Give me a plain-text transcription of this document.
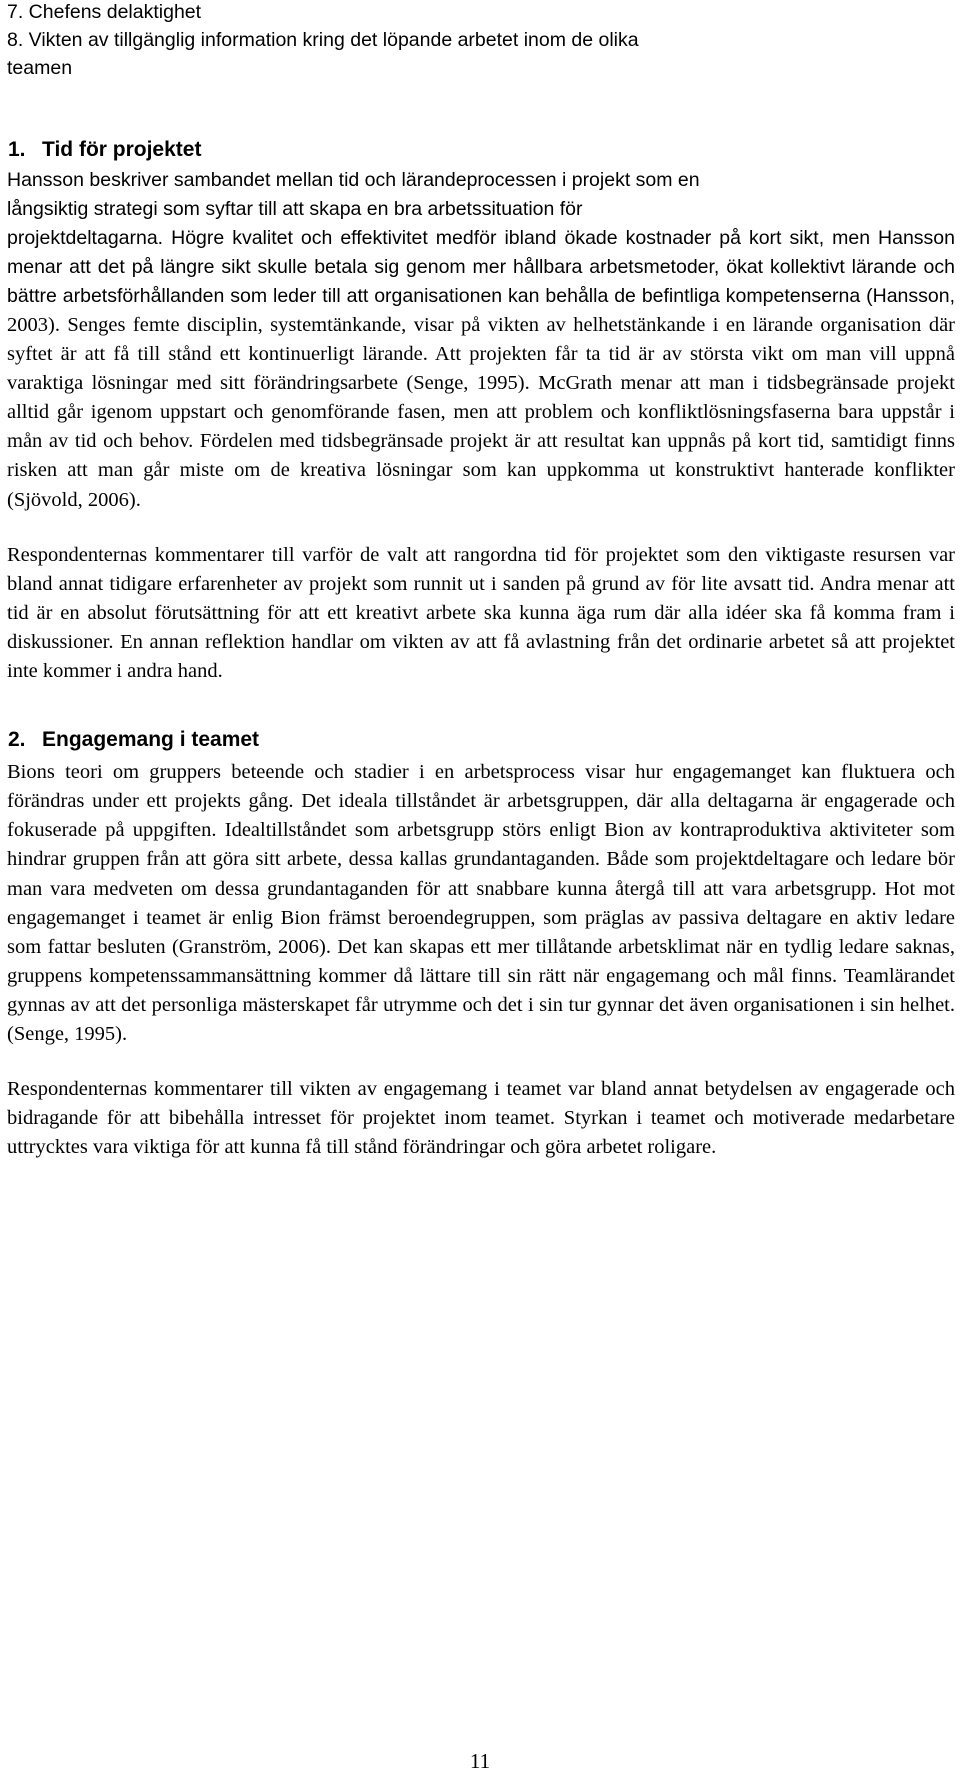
7. Chefens delaktighet

8. Vikten av tillgänglig information kring det löpande arbetet inom de olika

teamen

1. Tid för projektet

Hansson beskriver sambandet mellan tid och lärandeprocessen i projekt som en

långsiktig strategi som syftar till att skapa en bra arbetssituation för

projektdeltagarna. Högre kvalitet och effektivitet medför ibland ökade kostnader på kort sikt, men Hansson menar att det på längre sikt skulle betala sig genom mer hållbara arbetsmetoder, ökat kollektivt lärande och bättre arbetsförhållanden som leder till att organisationen kan behålla de befintliga kompetenserna (Hansson,

2003). Senges femte disciplin, systemtänkande, visar på vikten av helhetstänkande i en lärande organisation där syftet är att få till stånd ett kontinuerligt lärande. Att projekten får ta tid är av största vikt om man vill uppnå varaktiga lösningar med sitt förändringsarbete (Senge, 1995). McGrath menar att man i tidsbegränsade projekt alltid går igenom uppstart och genomförande fasen, men att problem och konfliktlösningsfaserna bara uppstår i mån av tid och behov. Fördelen med tidsbegränsade projekt är att resultat kan uppnås på kort tid, samtidigt finns risken att man går miste om de kreativa lösningar som kan uppkomma ut konstruktivt hanterade konflikter (Sjövold, 2006).

Respondenternas kommentarer till varför de valt att rangordna tid för projektet som den viktigaste resursen var bland annat tidigare erfarenheter av projekt som runnit ut i sanden på grund av för lite avsatt tid. Andra menar att tid är en absolut förutsättning för att ett kreativt arbete ska kunna äga rum där alla idéer ska få komma fram i diskussioner. En annan reflektion handlar om vikten av att få avlastning från det ordinarie arbetet så att projektet inte kommer i andra hand.

2. Engagemang i teamet

Bions teori om gruppers beteende och stadier i en arbetsprocess visar hur engagemanget kan fluktuera och förändras under ett projekts gång. Det ideala tillståndet är arbetsgruppen, där alla deltagarna är engagerade och fokuserade på uppgiften. Idealtillståndet som arbetsgrupp störs enligt Bion av kontraproduktiva aktiviteter som hindrar gruppen från att göra sitt arbete, dessa kallas grundantaganden. Både som projektdeltagare och ledare bör man vara medveten om dessa grundantaganden för att snabbare kunna återgå till att vara arbetsgrupp. Hot mot engagemanget i teamet är enlig Bion främst beroendegruppen, som präglas av passiva deltagare en aktiv ledare som fattar besluten (Granström, 2006). Det kan skapas ett mer tillåtande arbetsklimat när en tydlig ledare saknas, gruppens kompetenssammansättning kommer då lättare till sin rätt när engagemang och mål finns. Teamlärandet gynnas av att det personliga mästerskapet får utrymme och det i sin tur gynnar det även organisationen i sin helhet. (Senge, 1995).

Respondenternas kommentarer till vikten av engagemang i teamet var bland annat betydelsen av engagerade och bidragande för att bibehålla intresset för projektet inom teamet. Styrkan i teamet och motiverade medarbetare uttrycktes vara viktiga för att kunna få till stånd förändringar och göra arbetet roligare.

11
